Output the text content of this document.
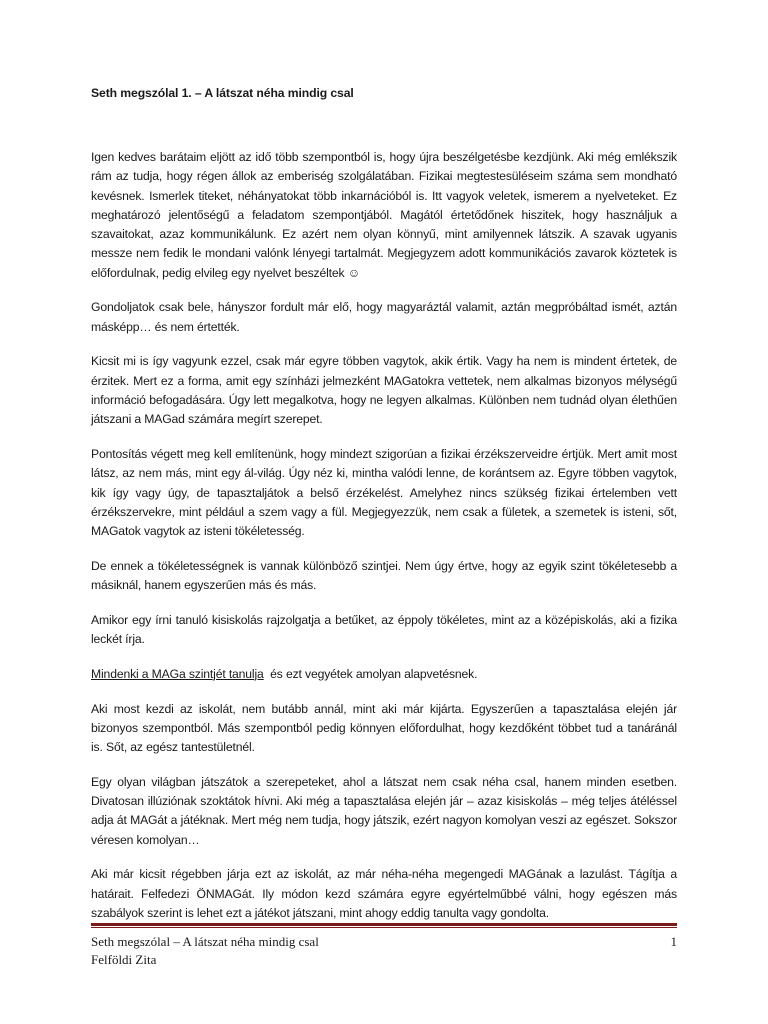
Seth megszólal 1. – A látszat néha mindig csal

Igen kedves barátaim eljött az idő több szempontból is, hogy újra beszélgetésbe kezdjünk. Aki még emlékszik rám az tudja, hogy régen állok az emberiség szolgálatában. Fizikai megtestesüléseim száma sem mondható kevésnek. Ismerlek titeket, néhányatokat több inkarnációból is. Itt vagyok veletek, ismerem a nyelveteket. Ez meghatározó jelentőségű a feladatom szempontjából. Magától értetődőnek hiszitek, hogy használjuk a szavaitokat, azaz kommunikálunk. Ez azért nem olyan könnyű, mint amilyennek látszik. A szavak ugyanis messze nem fedik le mondani valónk lényegi tartalmát. Megjegyzem adott kommunikációs zavarok köztetek is előfordulnak, pedig elvileg egy nyelvet beszéltek ☺

Gondoljatok csak bele, hányszor fordult már elő, hogy magyaráztál valamit, aztán megpróbáltad ismét, aztán másképp… és nem értették.

Kicsit mi is így vagyunk ezzel, csak már egyre többen vagytok, akik értik. Vagy ha nem is mindent értetek, de érzitek. Mert ez a forma, amit egy színházi jelmezként MAGatokra vettetek, nem alkalmas bizonyos mélységű információ befogadására. Úgy lett megalkotva, hogy ne legyen alkalmas. Különben nem tudnád olyan élethűen játszani a MAGad számára megírt szerepet.

Pontosítás végett meg kell említenünk, hogy mindezt szigorúan a fizikai érzékszerveidre értjük. Mert amit most látsz, az nem más, mint egy ál-világ. Úgy néz ki, mintha valódi lenne, de korántsem az. Egyre többen vagytok, kik így vagy úgy, de tapasztaljátok a belső érzékelést. Amelyhez nincs szükség fizikai értelemben vett érzékszervekre, mint például a szem vagy a fül. Megjegyezzük, nem csak a fületek, a szemetek is isteni, sőt, MAGatok vagytok az isteni tökéletesség.

De ennek a tökéletességnek is vannak különböző szintjei. Nem úgy értve, hogy az egyik szint tökéletesebb a másiknál, hanem egyszerűen más és más.

Amikor egy írni tanuló kisiskolás rajzolgatja a betűket, az éppoly tökéletes, mint az a középiskolás, aki a fizika leckét írja.

Mindenki a MAGa szintjét tanulja  és ezt vegyétek amolyan alapvetésnek.

Aki most kezdi az iskolát, nem butább annál, mint aki már kijárta. Egyszerűen a tapasztalása elején jár bizonyos szempontból. Más szempontból pedig könnyen előfordulhat, hogy kezdőként többet tud a tanáránál is. Sőt, az egész tantestületnél.

Egy olyan világban játszátok a szerepeteket, ahol a látszat nem csak néha csal, hanem minden esetben. Divatosan illúziónak szoktátok hívni. Aki még a tapasztalása elején jár – azaz kisiskolás – még teljes átéléssel adja át MAGát a játéknak. Mert még nem tudja, hogy játszik, ezért nagyon komolyan veszi az egészet. Sokszor véresen komolyan…

Aki már kicsit régebben járja ezt az iskolát, az már néha-néha megengedi MAGának a lazulást. Tágítja a határait. Felfedezi ÖNMAGát. Ily módon kezd számára egyre egyértelműbbé válni, hogy egészen más szabályok szerint is lehet ezt a játékot játszani, mint ahogy eddig tanulta vagy gondolta.

Seth megszólal – A látszat néha mindig csal	1
Felföldi Zita
